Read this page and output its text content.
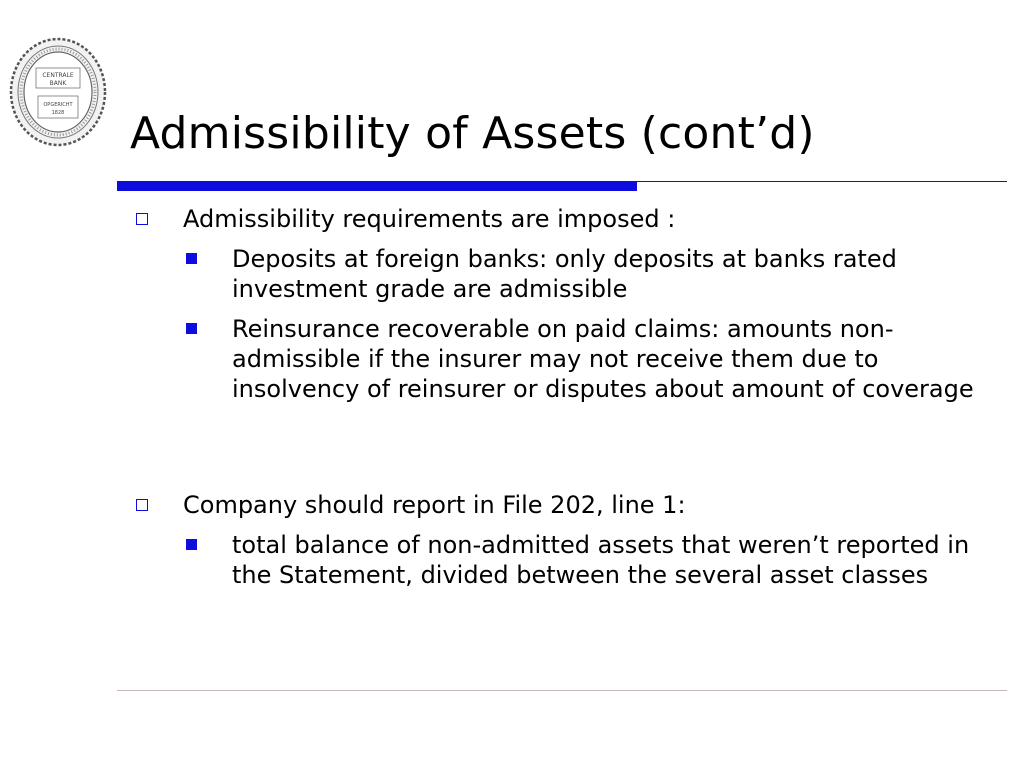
CENTRALE
BANK
OPGERICHT
1828 Admissibility of Assets (cont’d)
Admissibility requirements are imposed :
Deposits at foreign banks: only deposits at banks rated investment grade are admissible
Reinsurance recoverable on paid claims: amounts non-admissible if the insurer may not receive them due to insolvency of reinsurer or disputes about amount of coverage
Company should report in File 202, line 1:
total balance of non-admitted assets that weren’t reported in the Statement, divided between the several asset classes
